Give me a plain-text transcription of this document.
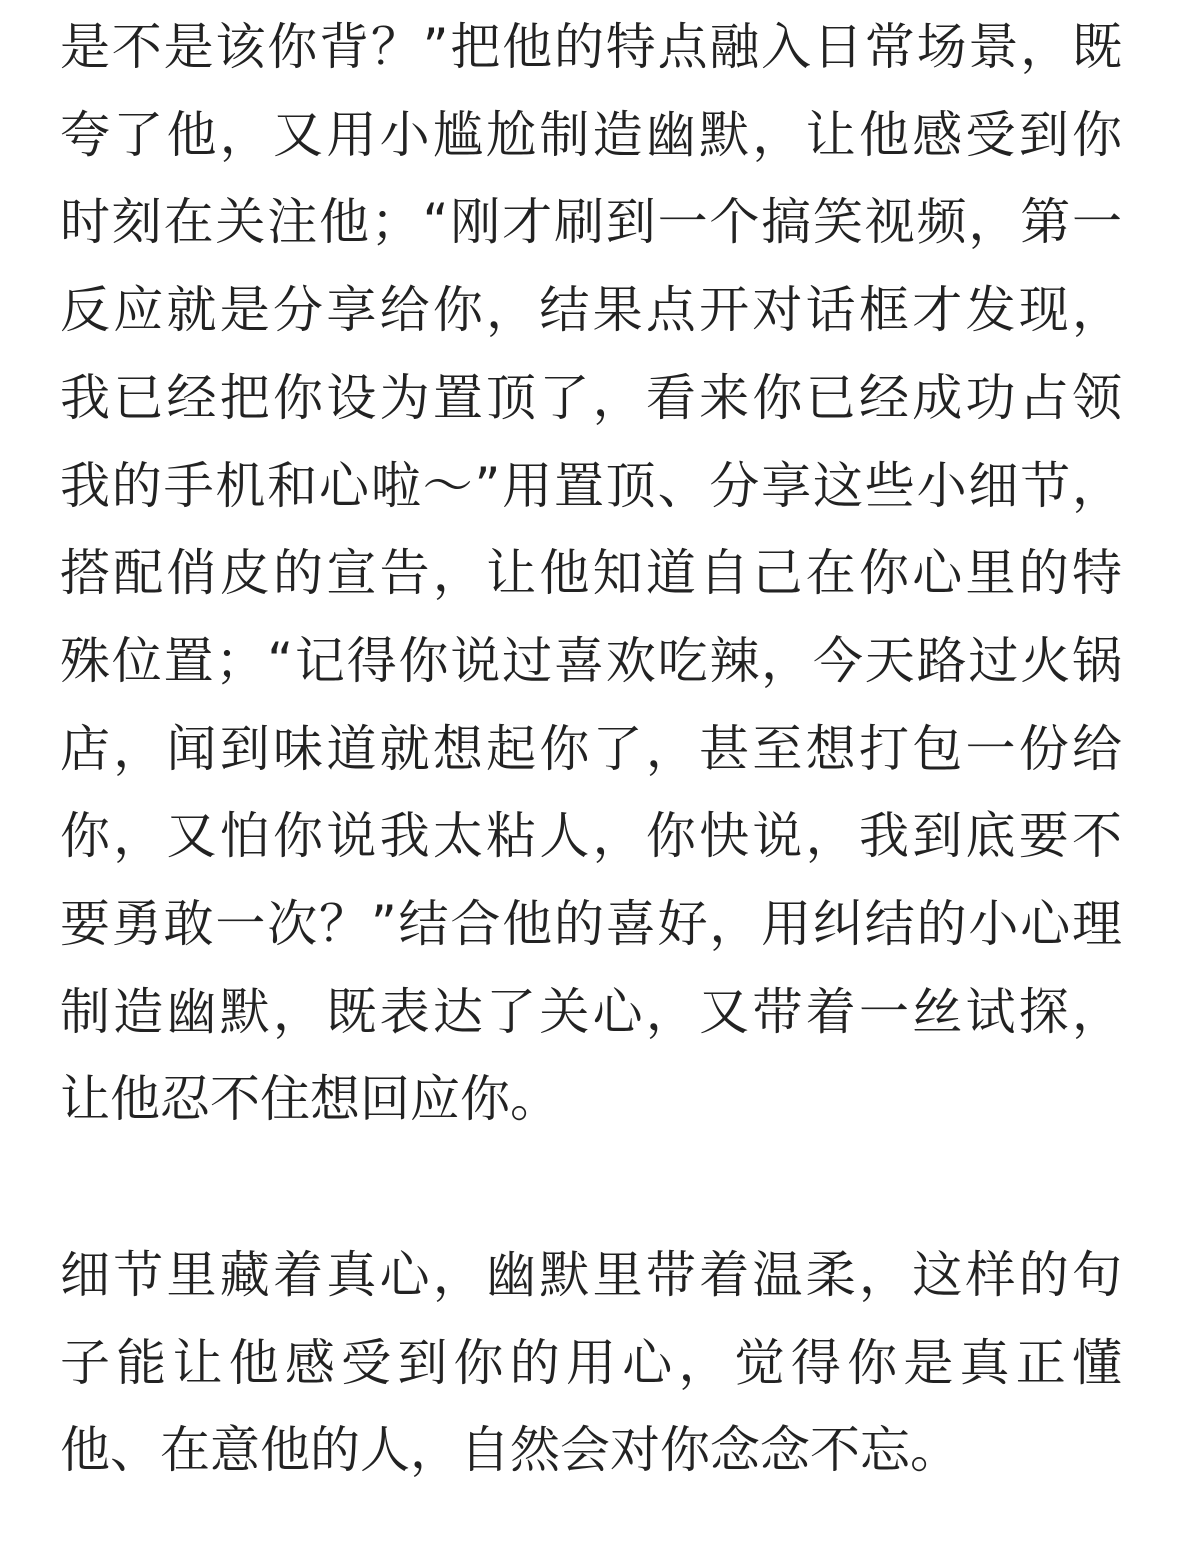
是不是该你背？”把他的特点融入日常场景，既
夸了他，又用小尴尬制造幽默，让他感受到你
时刻在关注他；“刚才刷到一个搞笑视频，第一
反应就是分享给你，结果点开对话框才发现，
我已经把你设为置顶了，看来你已经成功占领
我的手机和心啦～”用置顶、分享这些小细节，
搭配俏皮的宣告，让他知道自己在你心里的特
殊位置；“记得你说过喜欢吃辣，今天路过火锅
店，闻到味道就想起你了，甚至想打包一份给
你，又怕你说我太粘人，你快说，我到底要不
要勇敢一次？”结合他的喜好，用纠结的小心理
制造幽默，既表达了关心，又带着一丝试探，
让他忍不住想回应你。
细节里藏着真心，幽默里带着温柔，这样的句
子能让他感受到你的用心，觉得你是真正懂
他、在意他的人，自然会对你念念不忘。
